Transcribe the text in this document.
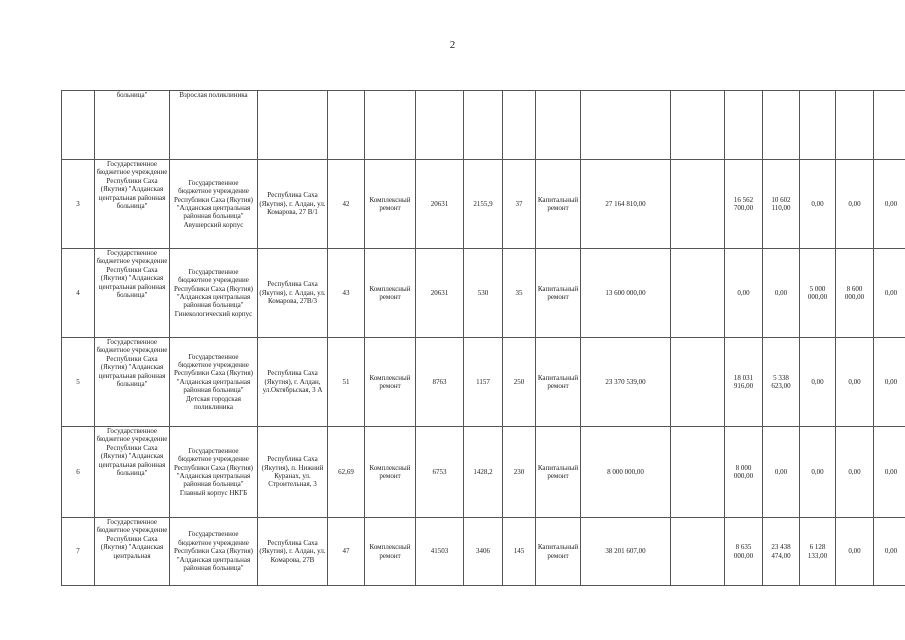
2
	больница"	Взрослая поликлиника														
3	Государственное бюджетное учреждение Республики Саха (Якутия) "Алданская центральная районная больница"	Государственное бюджетное учреждение Республики Саха (Якутия) "Алданская центральная районная больница" Авушерский корпус	Республика Саха (Якутия), г. Алдан, ул. Комарова, 27 В/1	42	Комплексный ремонт	20631	2155,9	37	Капитальный ремонт	27 164 810,00		16 562 700,00	10 602 110,00	0,00	0,00	0,00
4	Государственное бюджетное учреждение Республики Саха (Якутия) "Алданская центральная районная больница"	Государственное бюджетное учреждение Республики Саха (Якутия) "Алданская центральная районная больница" Гинекологический корпус	Республика Саха (Якутия), г. Алдан, ул. Комарова, 27В/3	43	Комплексный ремонт	20631	530	35	Капитальный ремонт	13 600 000,00		0,00	0,00	5 000 000,00	8 600 000,00	0,00
5	Государственное бюджетное учреждение Республики Саха (Якутия) "Алданская центральная районная больница"	Государственное бюджетное учреждение Республики Саха (Якутия) "Алданская центральная районная больница" Детская городская поликлиника	Республика Саха (Якутия), г. Алдан, ул.Октябрьская, 3 А	51	Комплексный ремонт	8763	1157	250	Капитальный ремонт	23 370 539,00		18 031 916,00	5 338 623,00	0,00	0,00	0,00
6	Государственное бюджетное учреждение Республики Саха (Якутия) "Алданская центральная районная больница"	Государственное бюджетное учреждение Республики Саха (Якутия) "Алданская центральная районная больница" Главный корпус НКГБ	Республика Саха (Якутия), п. Нижний Куранах, ул. Строительная, 3	62,69	Комплексный ремонт	6753	1428,2	230	Капитальный ремонт	8 000 000,00		8 000 000,00	0,00	0,00	0,00	0,00
7	Государственное бюджетное учреждение Республики Саха (Якутия) "Алданская центральная	Государственное бюджетное учреждение Республики Саха (Якутия) "Алданская центральная районная больница"	Республика Саха (Якутия), г. Алдан, ул. Комарова, 27В	47	Комплексный ремонт	41503	3406	145	Капитальный ремонт	38 201 607,00		8 635 000,00	23 438 474,00	6 128 133,00	0,00	0,00
